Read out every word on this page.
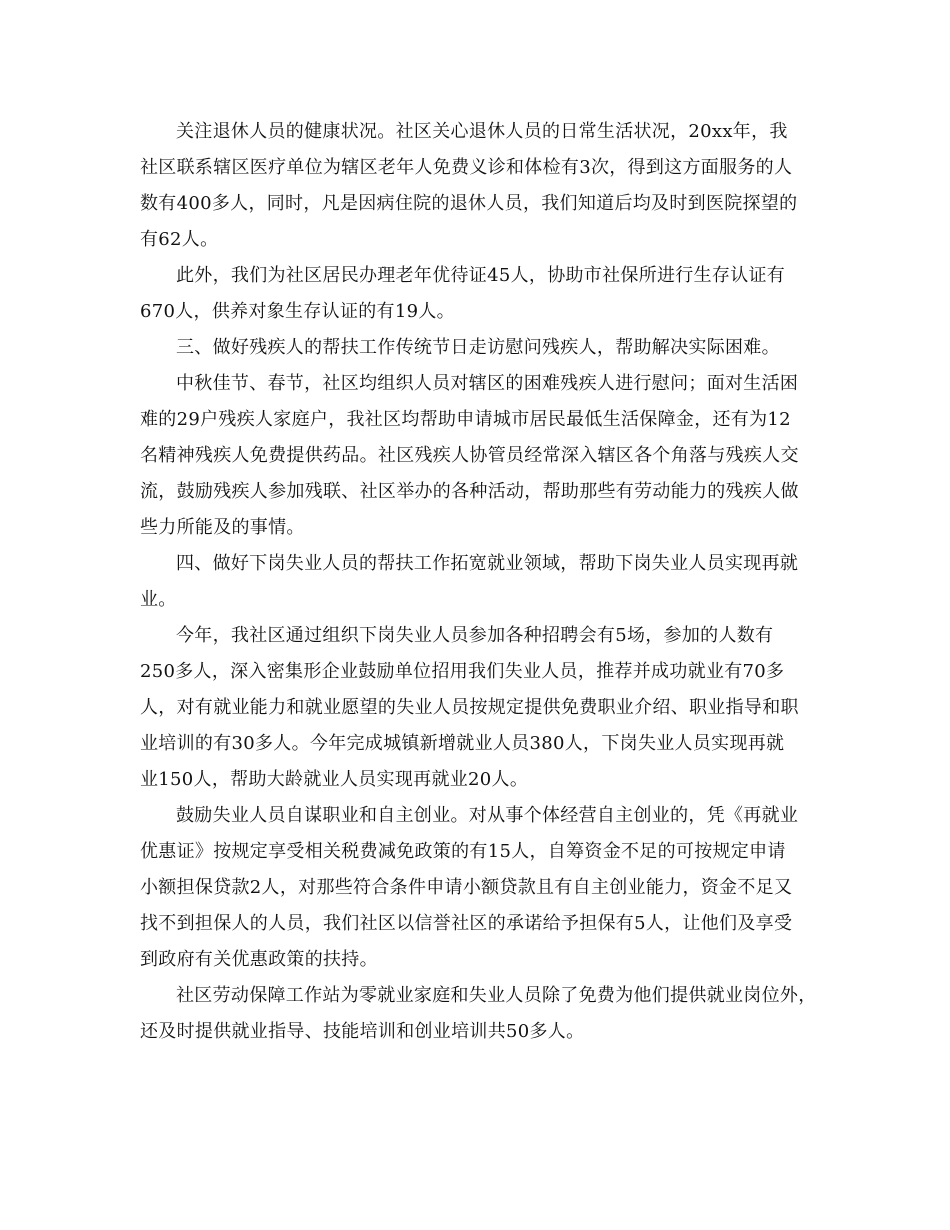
关注退休人员的健康状况。社区关心退休人员的日常生活状况，20xx年，我
社区联系辖区医疗单位为辖区老年人免费义诊和体检有3次，得到这方面服务的人
数有400多人，同时，凡是因病住院的退休人员，我们知道后均及时到医院探望的
有62人。

此外，我们为社区居民办理老年优待证45人，协助市社保所进行生存认证有
670人，供养对象生存认证的有19人。

三、做好残疾人的帮扶工作传统节日走访慰问残疾人，帮助解决实际困难。

中秋佳节、春节，社区均组织人员对辖区的困难残疾人进行慰问；面对生活困
难的29户残疾人家庭户，我社区均帮助申请城市居民最低生活保障金，还有为12
名精神残疾人免费提供药品。社区残疾人协管员经常深入辖区各个角落与残疾人交
流，鼓励残疾人参加残联、社区举办的各种活动，帮助那些有劳动能力的残疾人做
些力所能及的事情。

四、做好下岗失业人员的帮扶工作拓宽就业领域，帮助下岗失业人员实现再就
业。

今年，我社区通过组织下岗失业人员参加各种招聘会有5场，参加的人数有
250多人，深入密集形企业鼓励单位招用我们失业人员，推荐并成功就业有70多
人，对有就业能力和就业愿望的失业人员按规定提供免费职业介绍、职业指导和职
业培训的有30多人。今年完成城镇新增就业人员380人，下岗失业人员实现再就
业150人，帮助大龄就业人员实现再就业20人。

鼓励失业人员自谋职业和自主创业。对从事个体经营自主创业的，凭《再就业
优惠证》按规定享受相关税费减免政策的有15人，自筹资金不足的可按规定申请
小额担保贷款2人，对那些符合条件申请小额贷款且有自主创业能力，资金不足又
找不到担保人的人员，我们社区以信誉社区的承诺给予担保有5人，让他们及享受
到政府有关优惠政策的扶持。

社区劳动保障工作站为零就业家庭和失业人员除了免费为他们提供就业岗位外，
还及时提供就业指导、技能培训和创业培训共50多人。
